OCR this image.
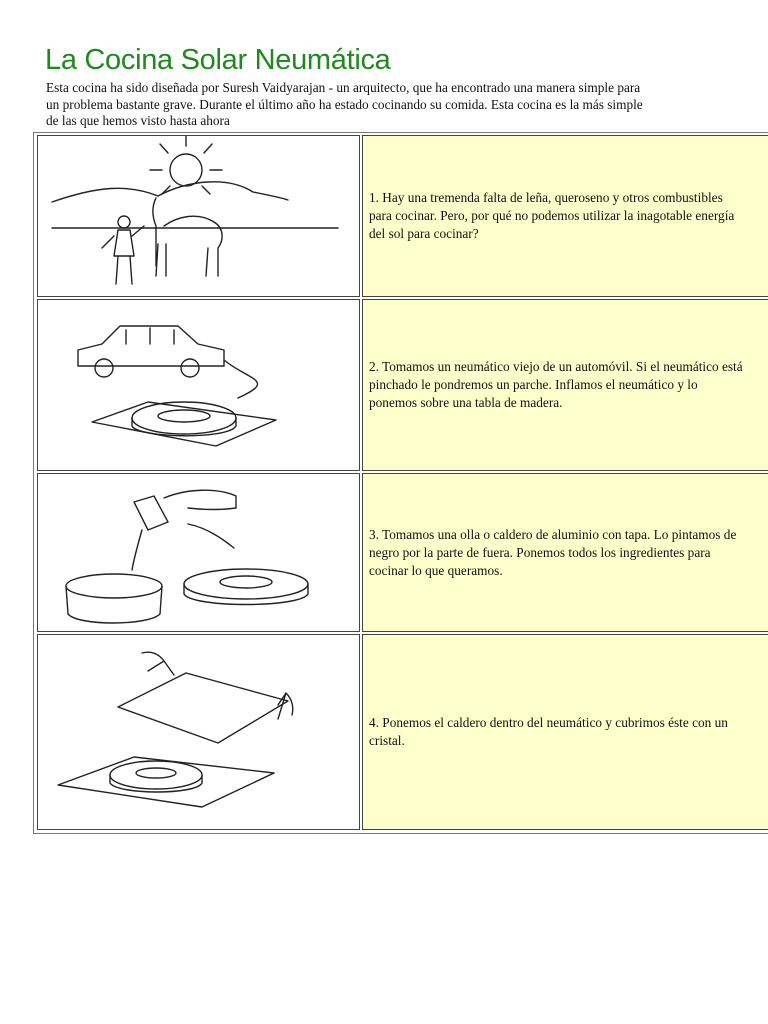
La Cocina Solar Neumática

Esta cocina ha sido diseñada por Suresh Vaidyarajan - un arquitecto, que ha encontrado una manera simple para
un problema bastante grave. Durante el último año ha estado cocinando su comida. Esta cocina es la más simple
de las que hemos visto hasta ahora

1. Hay una tremenda falta de leña, queroseno y otros combustibles
para cocinar. Pero, por qué no podemos utilizar la inagotable energía
del sol para cocinar?

2. Tomamos un neumático viejo de un automóvil. Si el neumático está
pinchado le pondremos un parche. Inflamos el neumático y lo
ponemos sobre una tabla de madera.

3. Tomamos una olla o caldero de aluminio con tapa. Lo pintamos de
negro por la parte de fuera. Ponemos todos los ingredientes para
cocinar lo que queramos.

4. Ponemos el caldero dentro del neumático y cubrimos éste con un
cristal.
